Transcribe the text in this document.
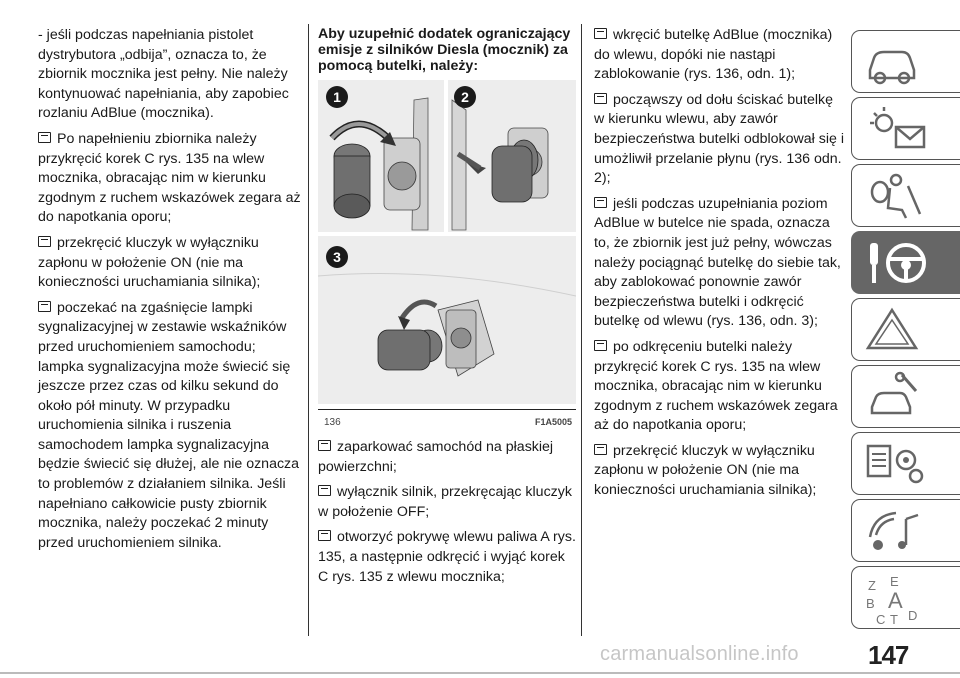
- jeśli podczas napełniania pistolet dystrybutora „odbija”, oznacza to, że zbiornik mocznika jest pełny. Nie należy kontynuować napełniania, aby zapobiec rozlaniu AdBlue (mocznika).

Po napełnieniu zbiornika należy przykręcić korek C rys. 135 na wlew mocznika, obracając nim w kierunku zgodnym z ruchem wskazówek zegara aż do napotkania oporu;

przekręcić kluczyk w wyłączniku zapłonu w położenie ON (nie ma konieczności uruchamiania silnika);

poczekać na zgaśnięcie lampki sygnalizacyjnej w zestawie wskaźników przed uruchomieniem samochodu; lampka sygnalizacyjna może świecić się jeszcze przez czas od kilku sekund do około pół minuty. W przypadku uruchomienia silnika i ruszenia samochodem lampka sygnalizacyjna będzie świecić się dłużej, ale nie oznacza to problemów z działaniem silnika. Jeśli napełniano całkowicie pusty zbiornik mocznika, należy poczekać 2 minuty przed uruchomieniem silnika.

Aby uzupełnić dodatek ograniczający emisje z silników Diesla (mocznik) za pomocą butelki, należy:

1	2
3
136	F1A5005

zaparkować samochód na płaskiej powierzchni;

wyłącznik silnik, przekręcając kluczyk w położenie OFF;

otworzyć pokrywę wlewu paliwa A rys. 135, a następnie odkręcić i wyjąć korek C rys. 135 z wlewu mocznika;

wkręcić butelkę AdBlue (mocznika) do wlewu, dopóki nie nastąpi zablokowanie (rys. 136, odn. 1);

począwszy od dołu ściskać butelkę w kierunku wlewu, aby zawór bezpieczeństwa butelki odblokował się i umożliwił przelanie płynu (rys. 136 odn. 2);

jeśli podczas uzupełniania poziom AdBlue w butelce nie spada, oznacza to, że zbiornik jest już pełny, wówczas należy pociągnąć butelkę do siebie tak, aby zablokować ponownie zawór bezpieczeństwa butelki i odkręcić butelkę od wlewu (rys. 136, odn. 3);

po odkręceniu butelki należy przykręcić korek C rys. 135 na wlew mocznika, obracając nim w kierunku zgodnym z ruchem wskazówek zegara aż do napotkania oporu;

przekręcić kluczyk w wyłączniku zapłonu w położenie ON (nie ma konieczności uruchamiania silnika);

Z E
B A
C T D
carmanualsonline.info	147
